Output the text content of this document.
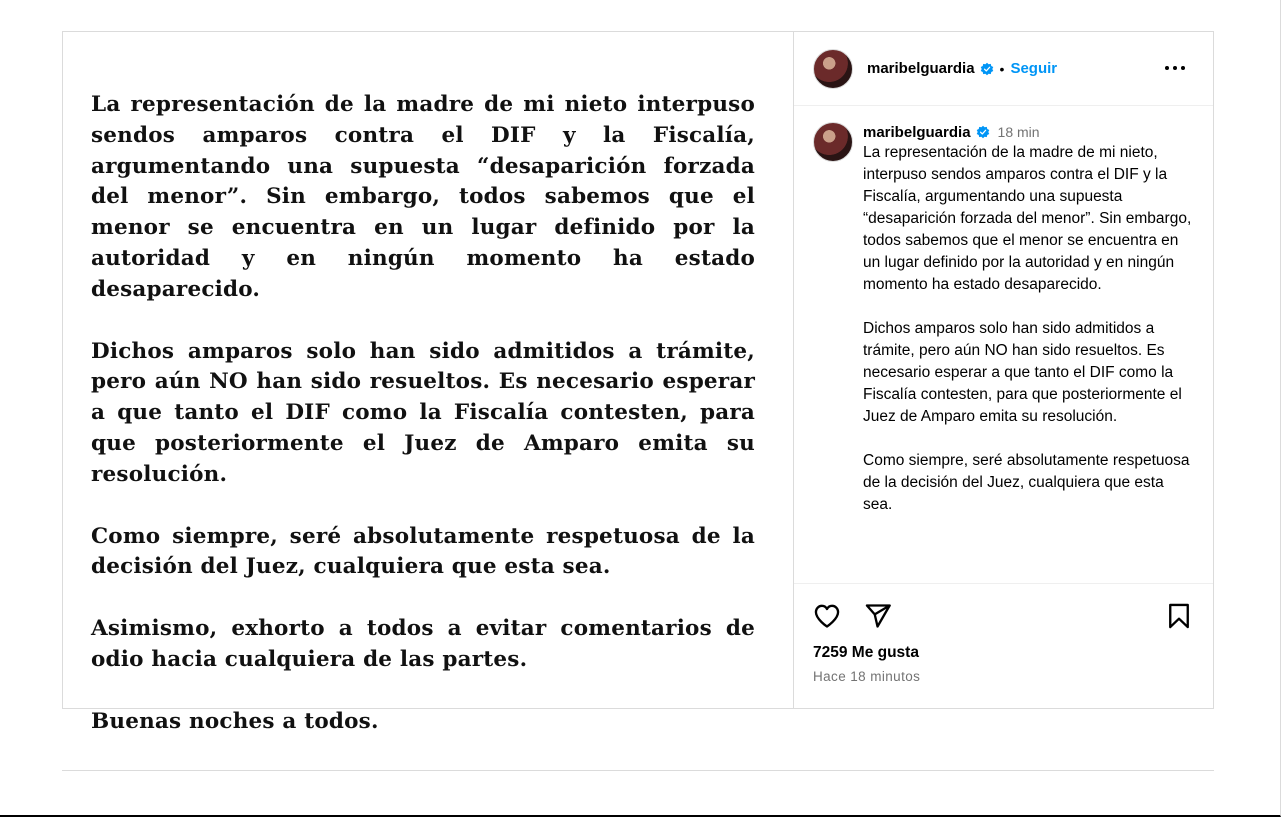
La representación de la madre de mi nieto interpuso sendos amparos contra el DIF y la Fiscalía, argumentando una supuesta “desaparición forzada del menor”. Sin embargo, todos sabemos que el menor se encuentra en un lugar definido por la autoridad y en ningún momento ha estado desaparecido.

Dichos amparos solo han sido admitidos a trámite, pero aún NO han sido resueltos. Es necesario esperar a que tanto el DIF como la Fiscalía contesten, para que posteriormente el Juez de Amparo emita su resolución.

Como siempre, seré absolutamente respetuosa de la decisión del Juez, cualquiera que esta sea.

Asimismo, exhorto a todos a evitar comentarios de odio hacia cualquiera de las partes.

Buenas noches a todos.

maribelguardia • Seguir
maribelguardia 18 min

La representación de la madre de mi nieto, interpuso sendos amparos contra el DIF y la Fiscalía, argumentando una supuesta “desaparición forzada del menor”. Sin embargo, todos sabemos que el menor se encuentra en un lugar definido por la autoridad y en ningún momento ha estado desaparecido.

Dichos amparos solo han sido admitidos a trámite, pero aún NO han sido resueltos. Es necesario esperar a que tanto el DIF como la Fiscalía contesten, para que posteriormente el Juez de Amparo emita su resolución.

Como siempre, seré absolutamente respetuosa de la decisión del Juez, cualquiera que esta sea.

7259 Me gusta
Hace 18 minutos
